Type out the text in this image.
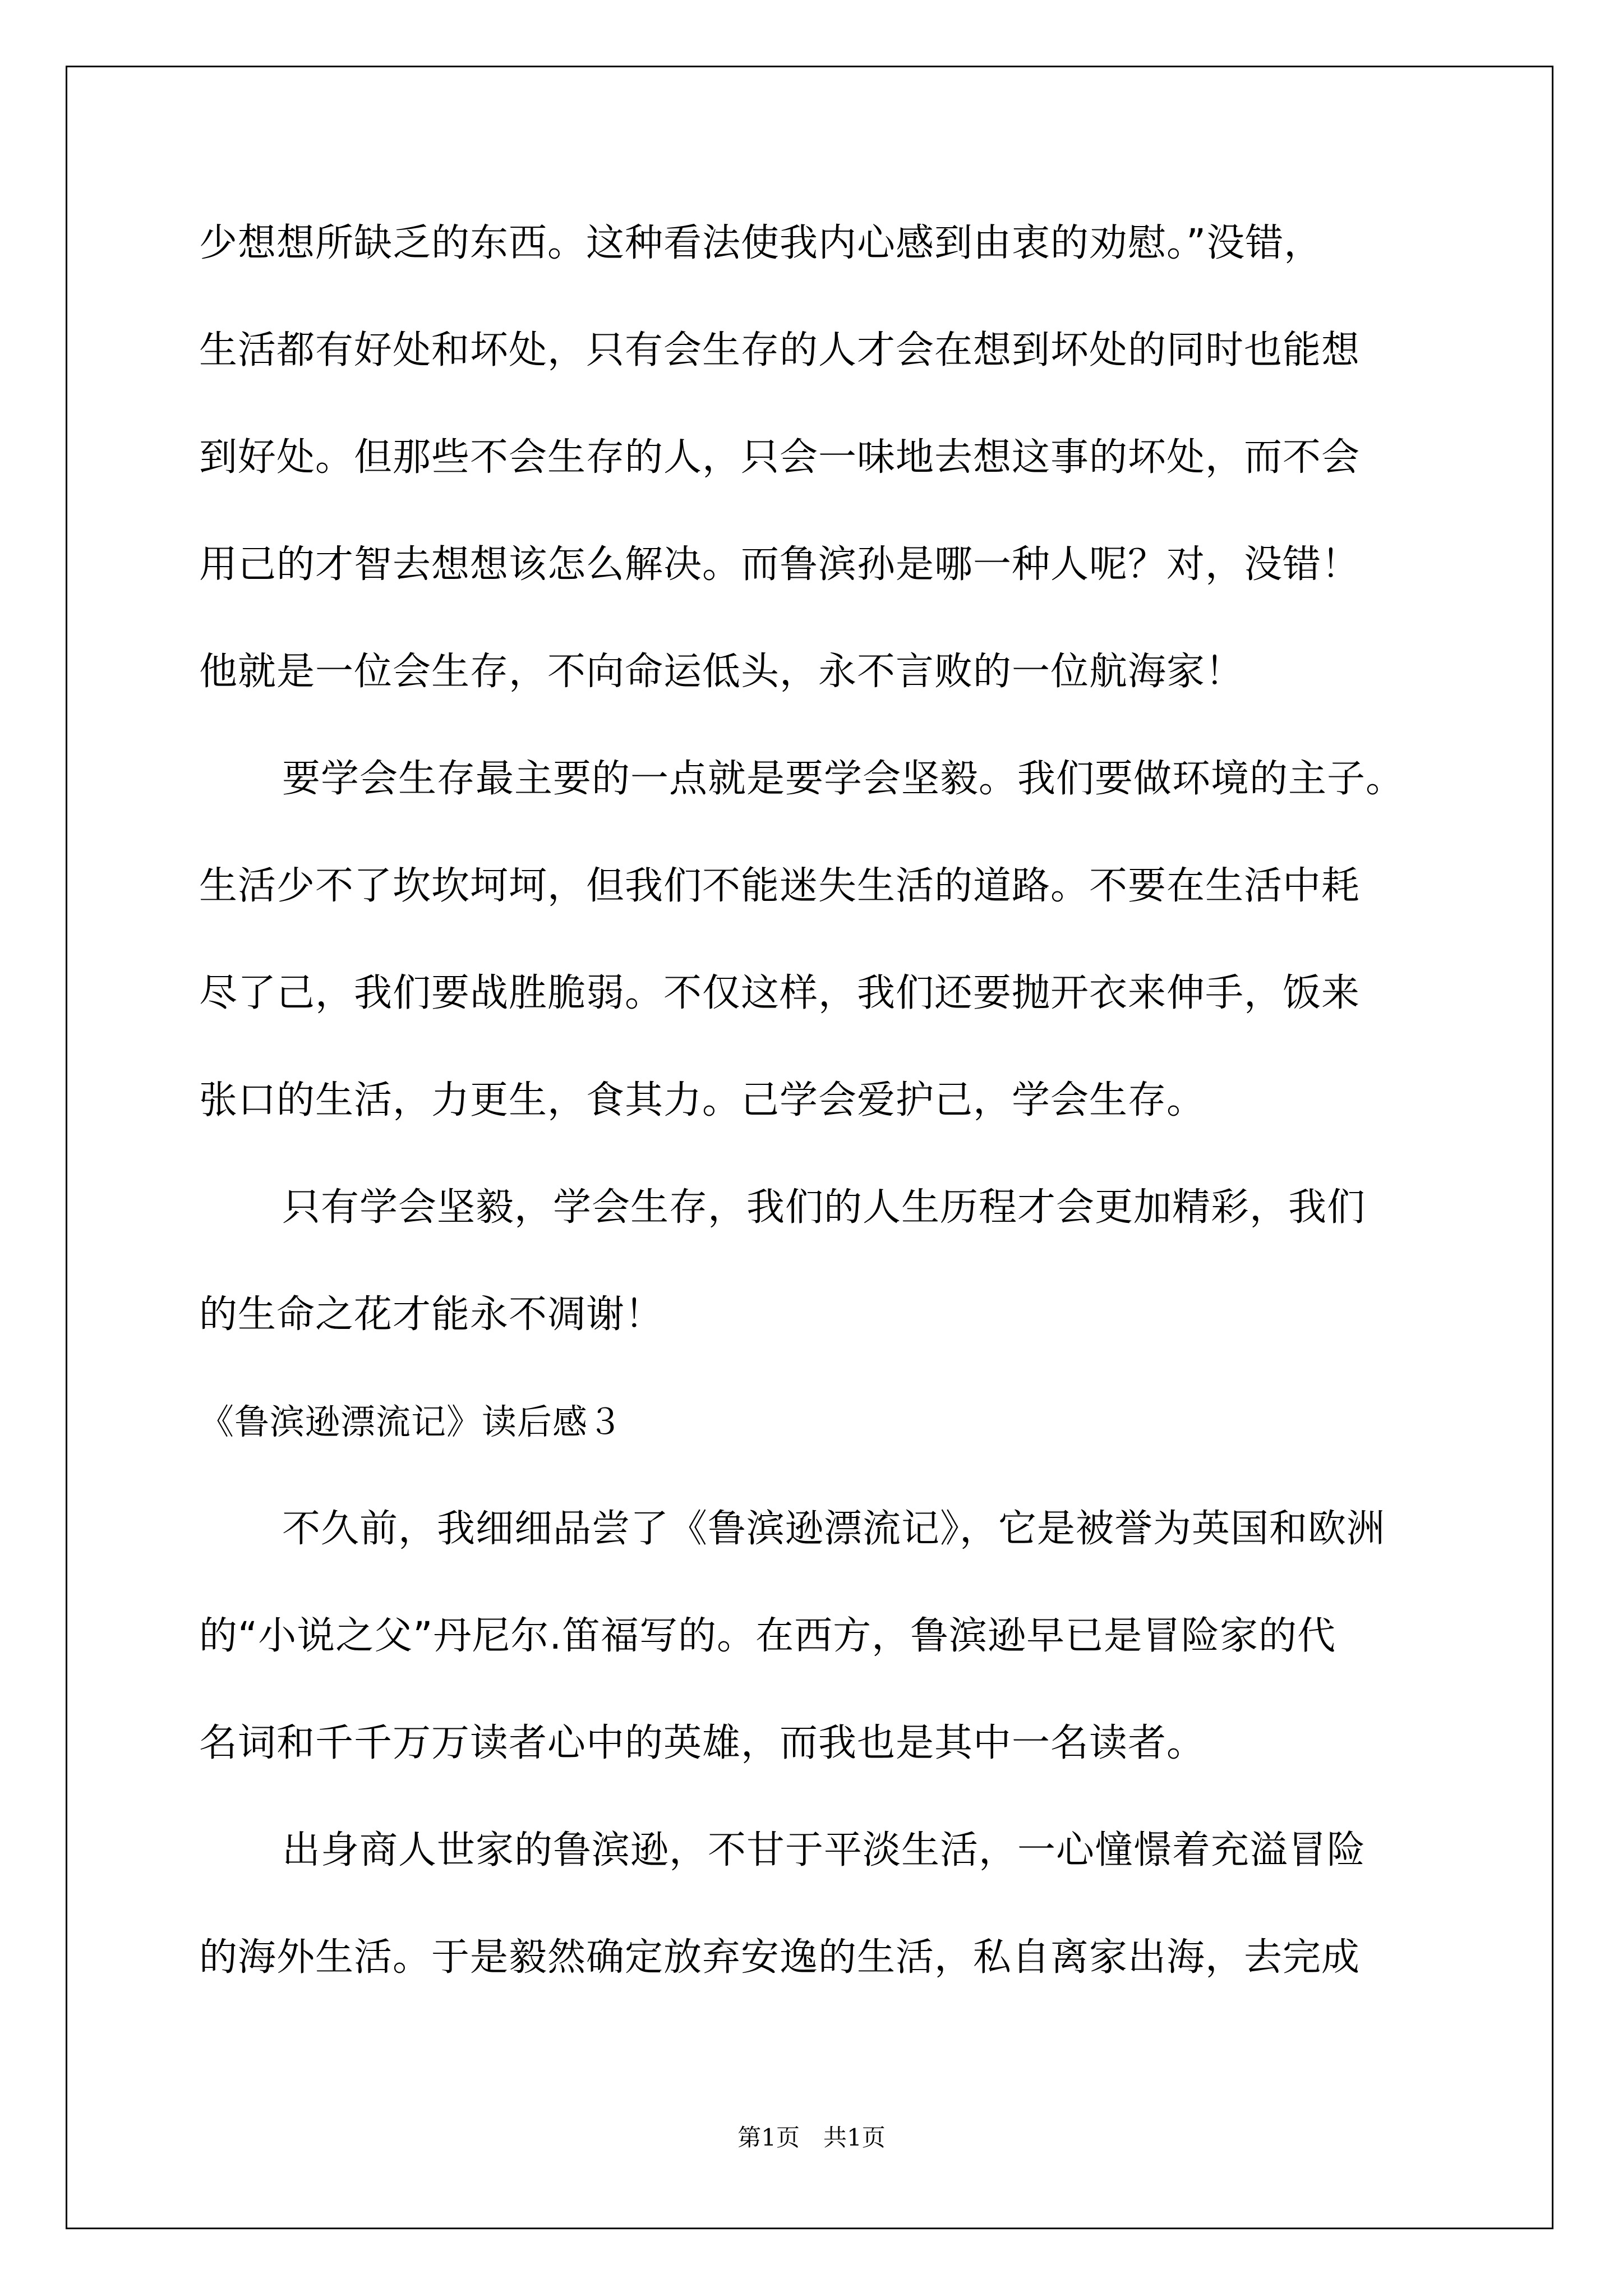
少想想所缺乏的东西。这种看法使我内心感到由衷的劝慰。”没错，
生活都有好处和坏处，只有会生存的人才会在想到坏处的同时也能想
到好处。但那些不会生存的人，只会一味地去想这事的坏处，而不会
用己的才智去想想该怎么解决。而鲁滨孙是哪一种人呢？对，没错！
他就是一位会生存，不向命运低头，永不言败的一位航海家！
要学会生存最主要的一点就是要学会坚毅。我们要做环境的主子。
生活少不了坎坎坷坷，但我们不能迷失生活的道路。不要在生活中耗
尽了己，我们要战胜脆弱。不仅这样，我们还要抛开衣来伸手，饭来
张口的生活，力更生，食其力。己学会爱护己，学会生存。
只有学会坚毅，学会生存，我们的人生历程才会更加精彩，我们
的生命之花才能永不凋谢！
《鲁滨逊漂流记》读后感３
不久前，我细细品尝了《鲁滨逊漂流记》，它是被誉为英国和欧洲
的“小说之父”丹尼尔.笛福写的。在西方，鲁滨逊早已是冒险家的代
名词和千千万万读者心中的英雄，而我也是其中一名读者。
出身商人世家的鲁滨逊，不甘于平淡生活，一心憧憬着充溢冒险
的海外生活。于是毅然确定放弃安逸的生活，私自离家出海，去完成
第1页　共1页
